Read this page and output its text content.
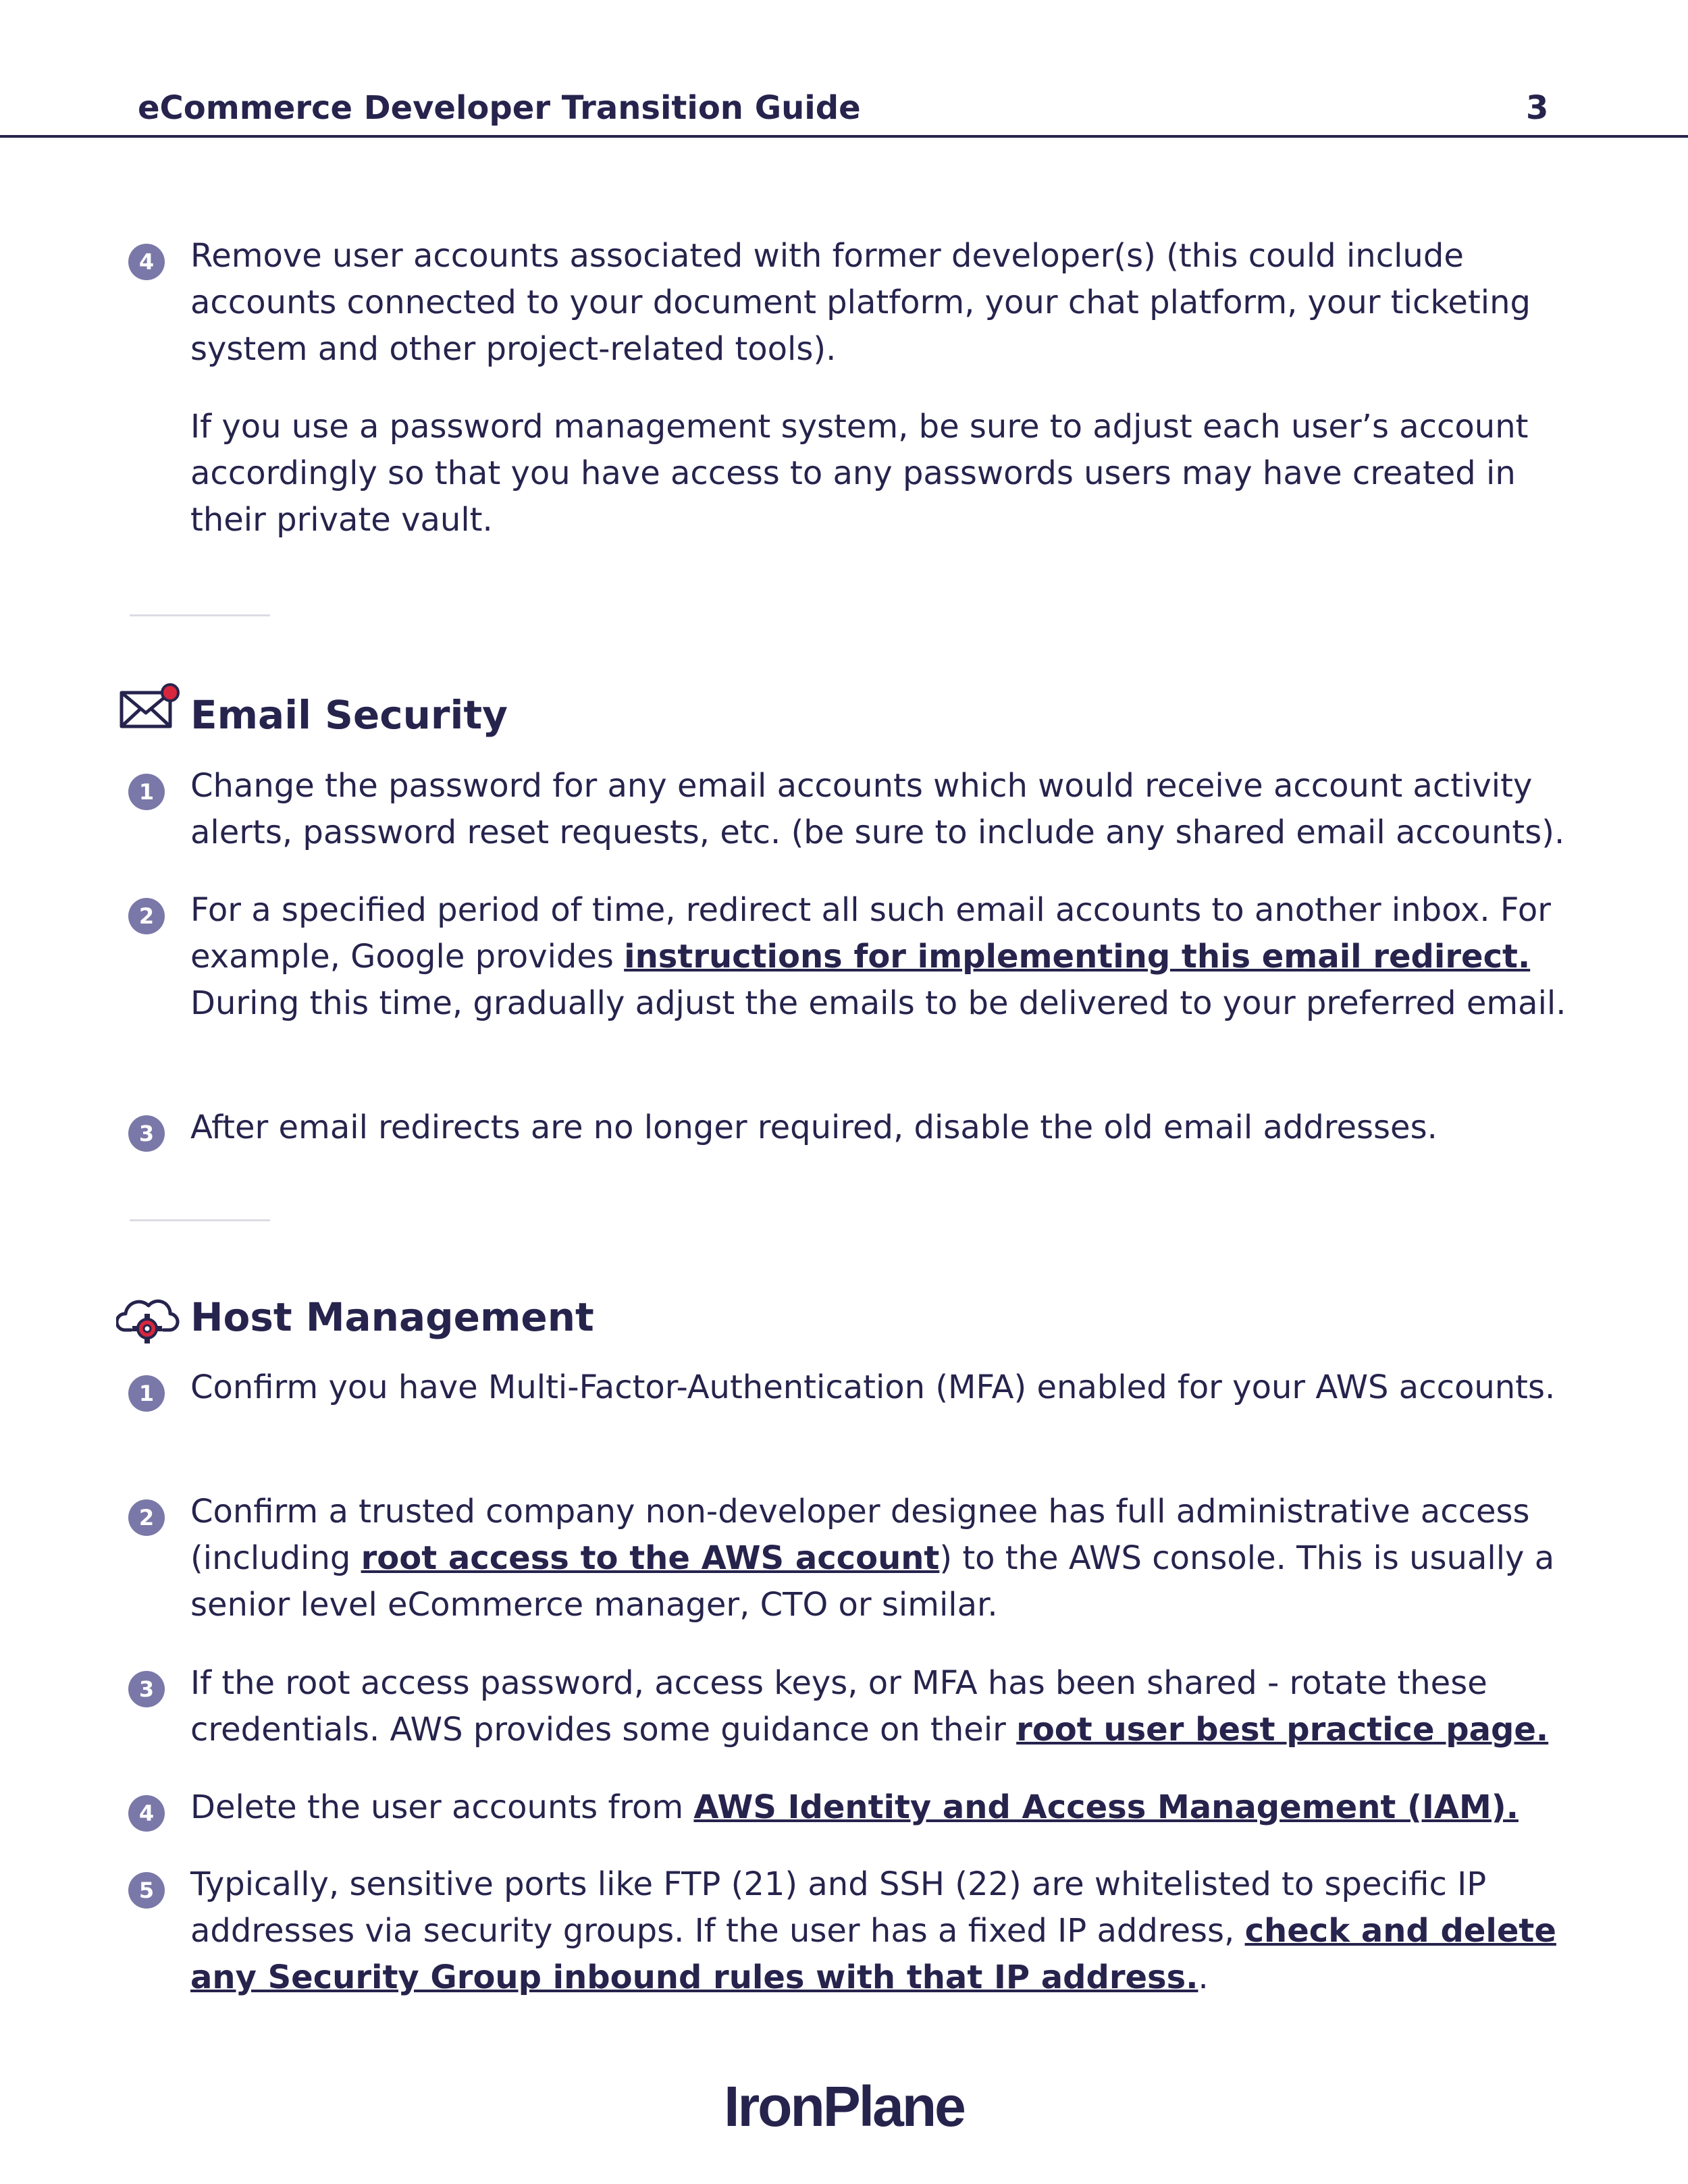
eCommerce Developer Transition Guide	3
4	Remove user accounts associated with former developer(s) (this could include accounts connected to your document platform, your chat platform, your ticketing system and other project-related tools).

If you use a password management system, be sure to adjust each user’s account accordingly so that you have access to any passwords users may have created in their private vault.

Email Security
1	Change the password for any email accounts which would receive account activity alerts, password reset requests, etc. (be sure to include any shared email accounts).

2	For a specified period of time, redirect all such email accounts to another inbox. For example, Google provides instructions for implementing this email redirect. During this time, gradually adjust the emails to be delivered to your preferred email.

3	After email redirects are no longer required, disable the old email addresses.

Host Management
1	Confirm you have Multi-Factor-Authentication (MFA) enabled for your AWS accounts.

2	Confirm a trusted company non-developer designee has full administrative access (including root access to the AWS account) to the AWS console. This is usually a senior level eCommerce manager, CTO or similar.

3	If the root access password, access keys, or MFA has been shared - rotate these credentials. AWS provides some guidance on their root user best practice page.

4	Delete the user accounts from AWS Identity and Access Management (IAM).

5	Typically, sensitive ports like FTP (21) and SSH (22) are whitelisted to specific IP addresses via security groups. If the user has a fixed IP address, check and delete any Security Group inbound rules with that IP address..

IronPlane
